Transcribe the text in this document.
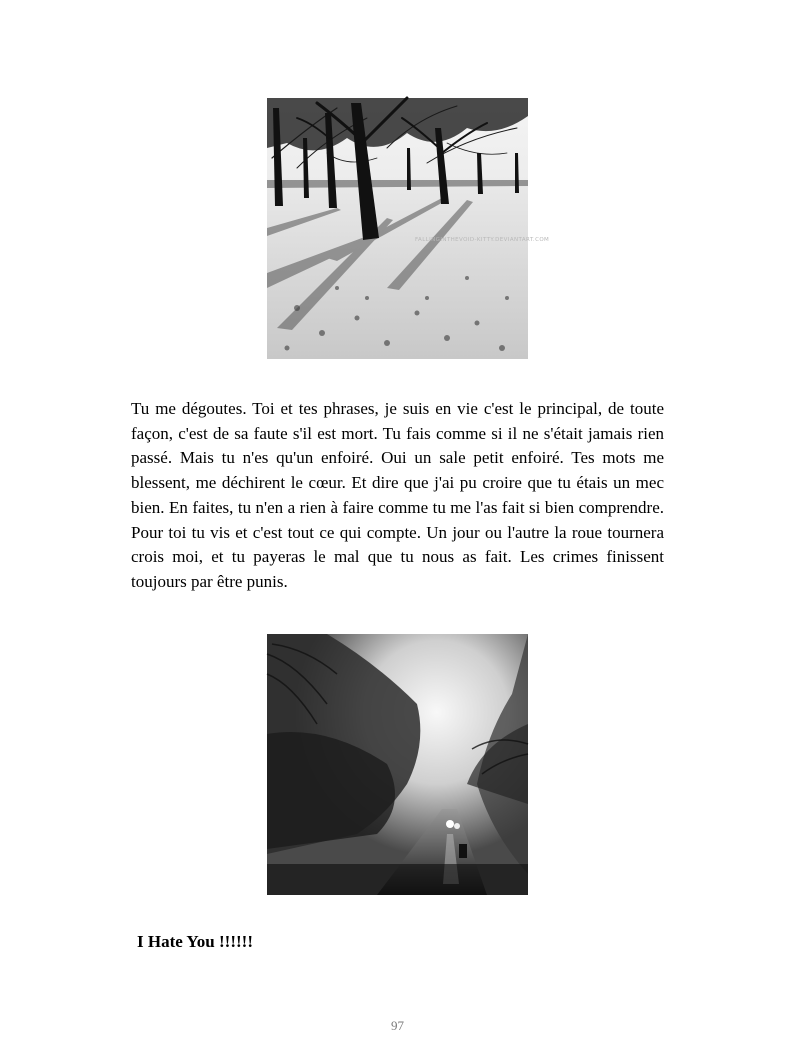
FALLINGINTHEVOID-KITTY.DEVIANTART.COM

Tu me dégoutes. Toi et tes phrases, je suis en vie c'est le principal, de toute façon, c'est de sa faute s'il est mort. Tu fais comme si il ne s'était jamais rien passé. Mais tu n'es qu'un enfoiré. Oui un sale petit enfoiré. Tes mots me blessent, me déchirent le cœur. Et dire que j'ai pu croire que tu étais un mec bien. En faites, tu n'en a rien à faire comme tu me l'as fait si bien comprendre. Pour toi tu vis et c'est tout ce qui compte. Un jour ou l'autre la roue tournera crois moi, et tu payeras le mal que tu nous as fait. Les crimes finissent toujours par être punis.

I Hate You !!!!!!

97
